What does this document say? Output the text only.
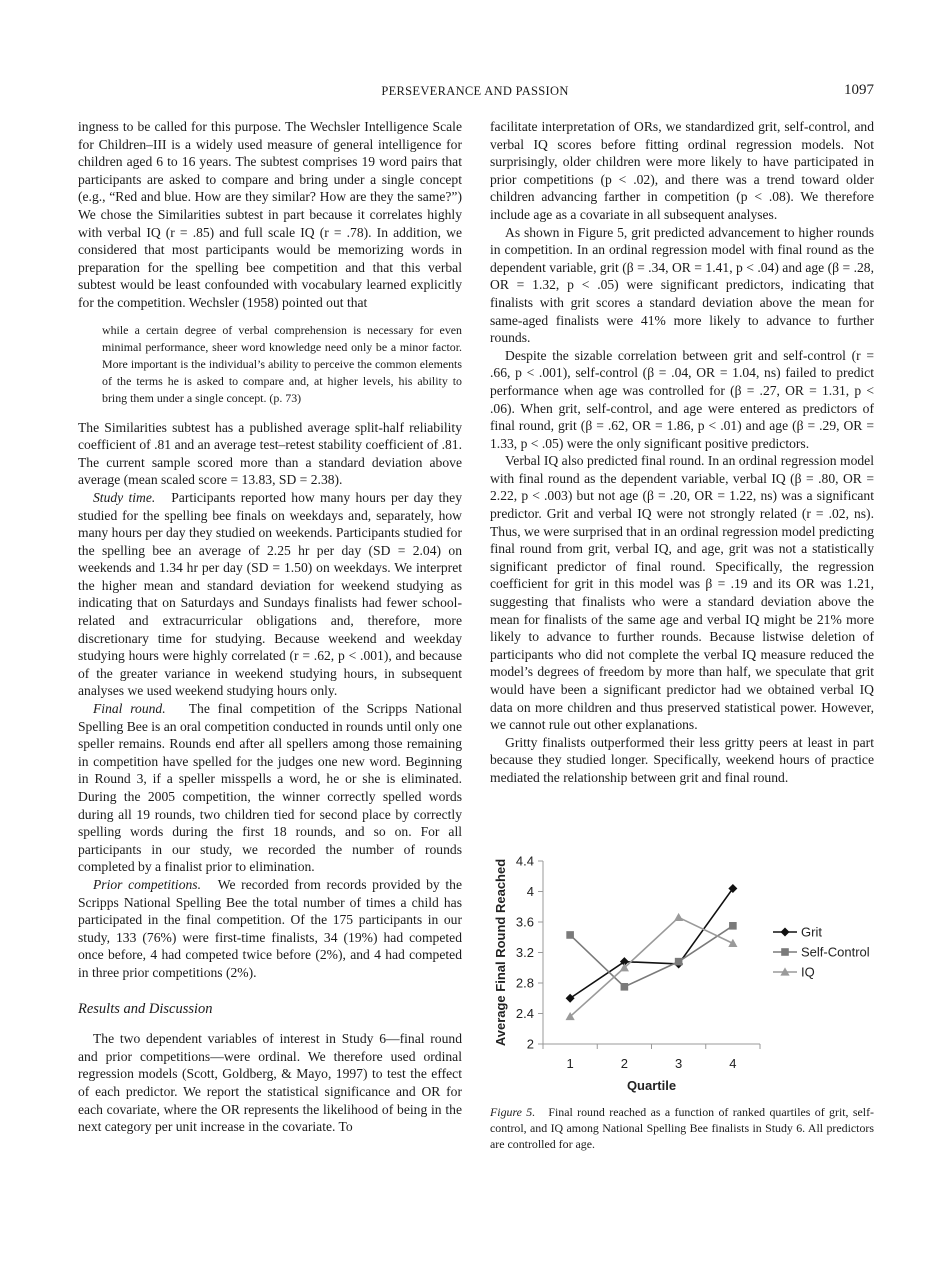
PERSEVERANCE AND PASSION	1097

ingness to be called for this purpose. The Wechsler Intelligence Scale for Children–III is a widely used measure of general intelligence for children aged 6 to 16 years. The subtest comprises 19 word pairs that participants are asked to compare and bring under a single concept (e.g., “Red and blue. How are they similar? How are they the same?”) We chose the Similarities subtest in part because it correlates highly with verbal IQ (r = .85) and full scale IQ (r = .78). In addition, we considered that most participants would be memorizing words in preparation for the spelling bee competition and that this verbal subtest would be least confounded with vocabulary learned explicitly for the competition. Wechsler (1958) pointed out that

while a certain degree of verbal comprehension is necessary for even minimal performance, sheer word knowledge need only be a minor factor. More important is the individual’s ability to perceive the common elements of the terms he is asked to compare and, at higher levels, his ability to bring them under a single concept. (p. 73)

The Similarities subtest has a published average split-half reliability coefficient of .81 and an average test–retest stability coefficient of .81. The current sample scored more than a standard deviation above average (mean scaled score = 13.83, SD = 2.38).

Study time. Participants reported how many hours per day they studied for the spelling bee finals on weekdays and, separately, how many hours per day they studied on weekends. Participants studied for the spelling bee an average of 2.25 hr per day (SD = 2.04) on weekends and 1.34 hr per day (SD = 1.50) on weekdays. We interpret the higher mean and standard deviation for weekend studying as indicating that on Saturdays and Sundays finalists had fewer school-related and extracurricular obligations and, therefore, more discretionary time for studying. Because weekend and weekday studying hours were highly correlated (r = .62, p < .001), and because of the greater variance in weekend studying hours, in subsequent analyses we used weekend studying hours only.

Final round. The final competition of the Scripps National Spelling Bee is an oral competition conducted in rounds until only one speller remains. Rounds end after all spellers among those remaining in competition have spelled for the judges one new word. Beginning in Round 3, if a speller misspells a word, he or she is eliminated. During the 2005 competition, the winner correctly spelled words during all 19 rounds, two children tied for second place by correctly spelling words during the first 18 rounds, and so on. For all participants in our study, we recorded the number of rounds completed by a finalist prior to elimination.

Prior competitions. We recorded from records provided by the Scripps National Spelling Bee the total number of times a child has participated in the final competition. Of the 175 participants in our study, 133 (76%) were first-time finalists, 34 (19%) had competed once before, 4 had competed twice before (2%), and 4 had competed in three prior competitions (2%).

Results and Discussion

The two dependent variables of interest in Study 6—final round and prior competitions—were ordinal. We therefore used ordinal regression models (Scott, Goldberg, & Mayo, 1997) to test the effect of each predictor. We report the statistical significance and OR for each covariate, where the OR represents the likelihood of being in the next category per unit increase in the covariate. To

facilitate interpretation of ORs, we standardized grit, self-control, and verbal IQ scores before fitting ordinal regression models. Not surprisingly, older children were more likely to have participated in prior competitions (p < .02), and there was a trend toward older children advancing farther in competition (p < .08). We therefore include age as a covariate in all subsequent analyses.

As shown in Figure 5, grit predicted advancement to higher rounds in competition. In an ordinal regression model with final round as the dependent variable, grit (β = .34, OR = 1.41, p < .04) and age (β = .28, OR = 1.32, p < .05) were significant predictors, indicating that finalists with grit scores a standard deviation above the mean for same-aged finalists were 41% more likely to advance to further rounds.

Despite the sizable correlation between grit and self-control (r = .66, p < .001), self-control (β = .04, OR = 1.04, ns) failed to predict performance when age was controlled for (β = .27, OR = 1.31, p < .06). When grit, self-control, and age were entered as predictors of final round, grit (β = .62, OR = 1.86, p < .01) and age (β = .29, OR = 1.33, p < .05) were the only significant positive predictors.

Verbal IQ also predicted final round. In an ordinal regression model with final round as the dependent variable, verbal IQ (β = .80, OR = 2.22, p < .003) but not age (β = .20, OR = 1.22, ns) was a significant predictor. Grit and verbal IQ were not strongly related (r = .02, ns). Thus, we were surprised that in an ordinal regression model predicting final round from grit, verbal IQ, and age, grit was not a statistically significant predictor of final round. Specifically, the regression coefficient for grit in this model was β = .19 and its OR was 1.21, suggesting that finalists who were a standard deviation above the mean for finalists of the same age and verbal IQ might be 21% more likely to advance to further rounds. Because listwise deletion of participants who did not complete the verbal IQ measure reduced the model’s degrees of freedom by more than half, we speculate that grit would have been a significant predictor had we obtained verbal IQ data on more children and thus preserved statistical power. However, we cannot rule out other explanations.

Gritty finalists outperformed their less gritty peers at least in part because they studied longer. Specifically, weekend hours of practice mediated the relationship between grit and final round.

2
2.4
2.8
3.2
3.6
4
4.4
1	2	3	4
Quartile
Average Final Round Reached	Grit
Self-Control
IQ
Figure 5. Final round reached as a function of ranked quartiles of grit, self-control, and IQ among National Spelling Bee finalists in Study 6. All predictors are controlled for age.
